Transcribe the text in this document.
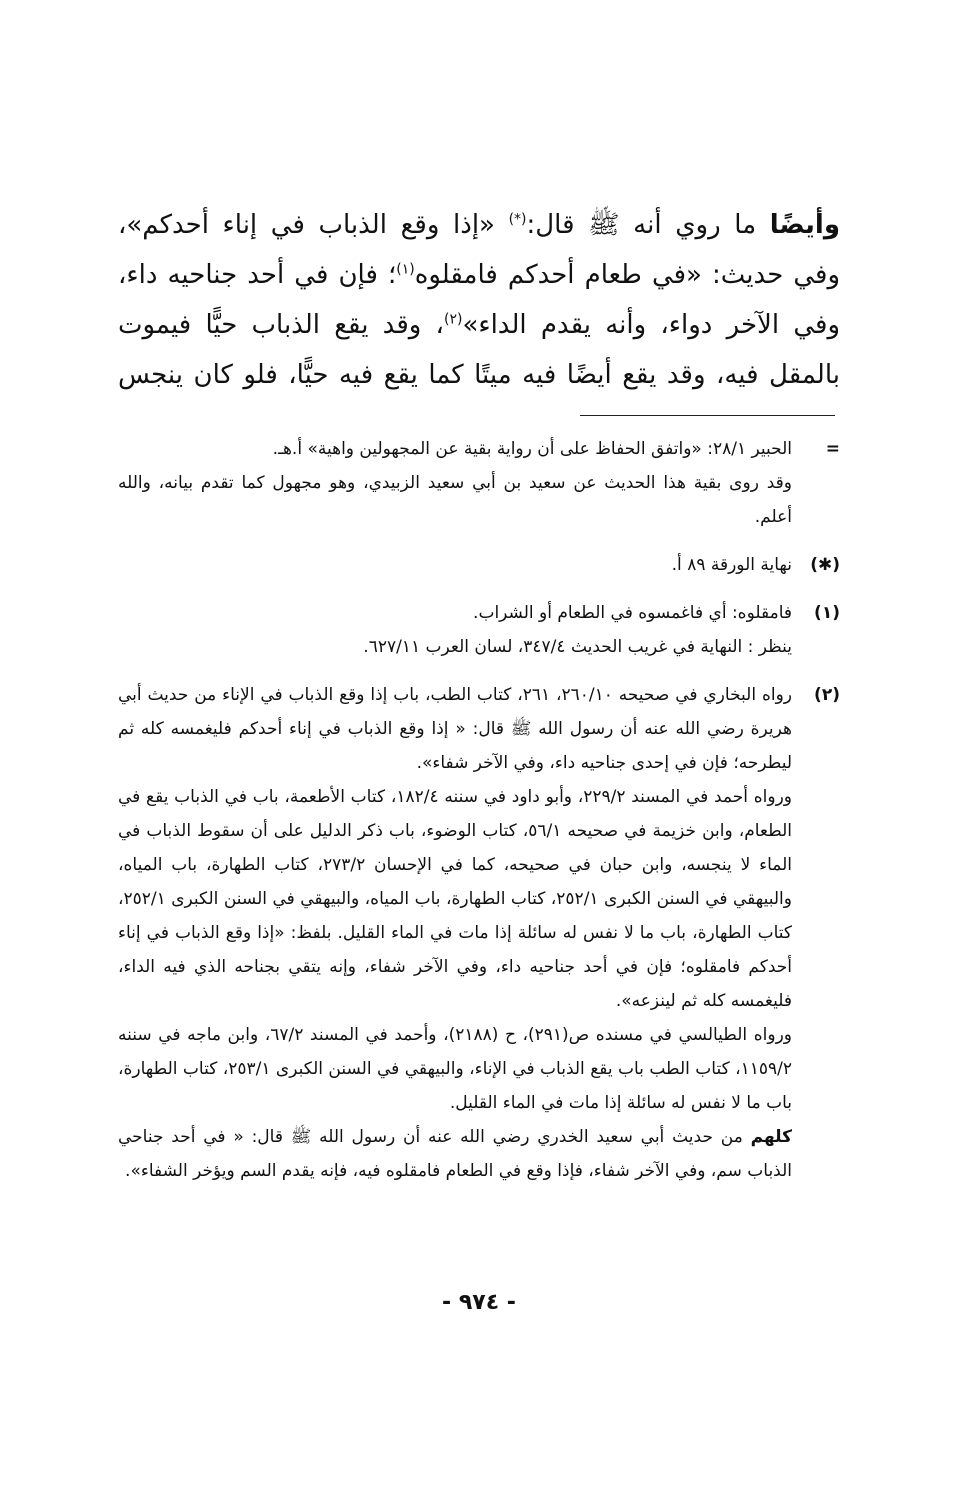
وأيضًا ما روي أنه ﷺ قال:(*) «إذا وقع الذباب في إناء أحدكم»،

وفي حديث: «في طعام أحدكم فامقلوه$^{(١)}$؛ فإن في أحد جناحيه داء،

وفي الآخر دواء، وأنه يقدم الداء»$^{(٢)}$، وقد يقع الذباب حيًّا فيموت

بالمقل فيه، وقد يقع أيضًا فيه ميتًا كما يقع فيه حيًّا، فلو كان ينجس

=

الحبير ٢٨/١: «واتفق الحفاظ على أن رواية بقية عن المجهولين واهية» أ.هـ.

وقد روى بقية هذا الحديث عن سعيد بن أبي سعيد الزبيدي، وهو مجهول كما تقدم بيانه، والله أعلم.

(✱)

نهاية الورقة ٨٩ أ.

(١)

فامقلوه: أي فاغمسوه في الطعام أو الشراب.

ينظر : النهاية في غريب الحديث ٣٤٧/٤، لسان العرب ٦٢٧/١١.

(٢)

رواه البخاري في صحيحه ٢٦٠/١٠، ٢٦١، كتاب الطب، باب إذا وقع الذباب في الإناء من حديث أبي هريرة رضي الله عنه أن رسول الله ﷺ قال: « إذا وقع الذباب في إناء أحدكم فليغمسه كله ثم ليطرحه؛ فإن في إحدى جناحيه داء، وفي الآخر شفاء».

ورواه أحمد في المسند ٢٢٩/٢، وأبو داود في سننه ١٨٢/٤، كتاب الأطعمة، باب في الذباب يقع في الطعام، وابن خزيمة في صحيحه ٥٦/١، كتاب الوضوء، باب ذكر الدليل على أن سقوط الذباب في الماء لا ينجسه، وابن حبان في صحيحه، كما في الإحسان ٢٧٣/٢، كتاب الطهارة، باب المياه، والبيهقي في السنن الكبرى ٢٥٢/١، كتاب الطهارة، باب المياه، والبيهقي في السنن الكبرى ٢٥٢/١، كتاب الطهارة، باب ما لا نفس له سائلة إذا مات في الماء القليل. بلفظ: «إذا وقع الذباب في إناء أحدكم فامقلوه؛ فإن في أحد جناحيه داء، وفي الآخر شفاء، وإنه يتقي بجناحه الذي فيه الداء، فليغمسه كله ثم لينزعه».

ورواه الطيالسي في مسنده ص(٢٩١)، ح (٢١٨٨)، وأحمد في المسند ٦٧/٢، وابن ماجه في سننه ١١٥٩/٢، كتاب الطب باب يقع الذباب في الإناء، والبيهقي في السنن الكبرى ٢٥٣/١، كتاب الطهارة، باب ما لا نفس له سائلة إذا مات في الماء القليل.

كلهم من حديث أبي سعيد الخدري رضي الله عنه أن رسول الله ﷺ قال: « في أحد جناحي الذباب سم، وفي الآخر شفاء، فإذا وقع في الطعام فامقلوه فيه، فإنه يقدم السم ويؤخر الشفاء».

- ٩٧٤ -
